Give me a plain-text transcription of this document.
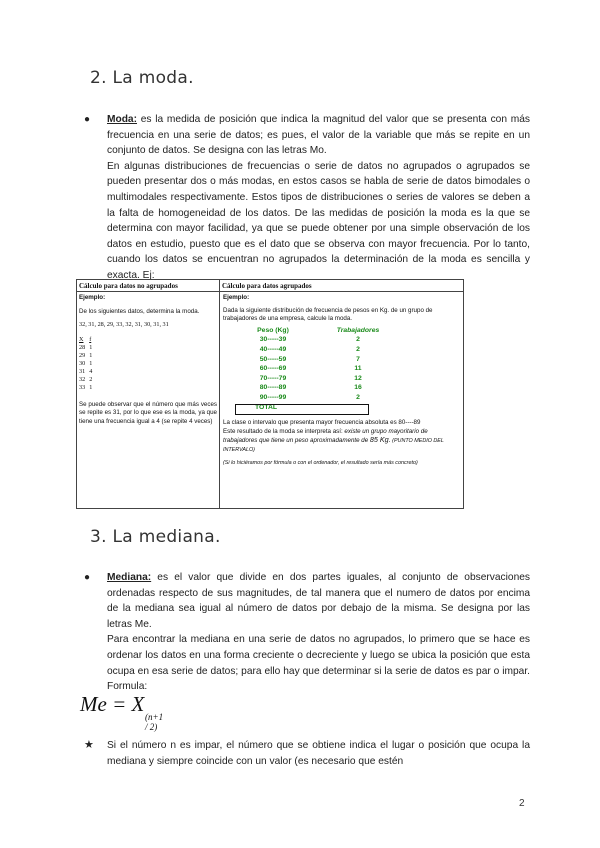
2. La moda.
●	Moda: es la medida de posición que indica la magnitud del valor que se presenta con más frecuencia en una serie de datos; es pues, el valor de la variable que más se repite en un conjunto de datos. Se designa con las letras Mo.

En algunas distribuciones de frecuencias o serie de datos no agrupados o agrupados se pueden presentar dos o más modas, en estos casos se habla de serie de datos bimodales o multimodales respectivamente. Estos tipos de distribuciones o series de valores se deben a la falta de homogeneidad de los datos. De las medidas de posición la moda es la que se determina con mayor facilidad, ya que se puede obtener por una simple observación de los datos en estudio, puesto que es el dato que se observa con mayor frecuencia. Por lo tanto, cuando los datos se encuentran no agrupados la determinación de la moda es sencilla y exacta. Ej:

Cálculo para datos no agrupados	Cálculo para datos agrupados
Ejemplo:
De los siguientes datos, determina la moda.
32, 31, 28, 29, 33, 32, 31, 30, 31, 31
X	f
28	1
29	1
30	1
31	4
32	2
33	1
Se puede observar que el número que más veces se repite es 31, por lo que ese es la moda, ya que tiene una frecuencia igual a 4 (se repite 4 veces)
Ejemplo:
Dada la siguiente distribución de frecuencia de pesos en Kg. de un grupo de trabajadores de una empresa, calcule la moda.
Peso (Kg)	Trabajadores
30-----39	2
40-----49	2
50-----59	7
60-----69	11
70-----79	12
80-----89	16
90-----99	2
TOTAL
La clase o intervalo que presenta mayor frecuencia absoluta es 80----89
Este resultado de la moda se interpreta así: existe un grupo mayoritario de trabajadores que tiene un peso aproximadamente de 85 Kg. (PUNTO MEDIO DEL INTERVALO)
(Si lo hiciéramos por fórmula o con el ordenador, el resultado sería más concreto)
3. La mediana.
●	Mediana: es el valor que divide en dos partes iguales, al conjunto de observaciones ordenadas respecto de sus magnitudes, de tal manera que el numero de datos por encima de la mediana sea igual al número de datos por debajo de la misma. Se designa por las letras Me.

Para encontrar la mediana en una serie de datos no agrupados, lo primero que se hace es ordenar los datos en una forma creciente o decreciente y luego se ubica la posición que esta ocupa en esa serie de datos; para ello hay que determinar si la serie de datos es par o impar. Formula:

Me = X
(n+1 / 2)
★ Si el número n es impar, el número que se obtiene indica el lugar o posición que ocupa la mediana y siempre coincide con un valor (es necesario que estén
2
